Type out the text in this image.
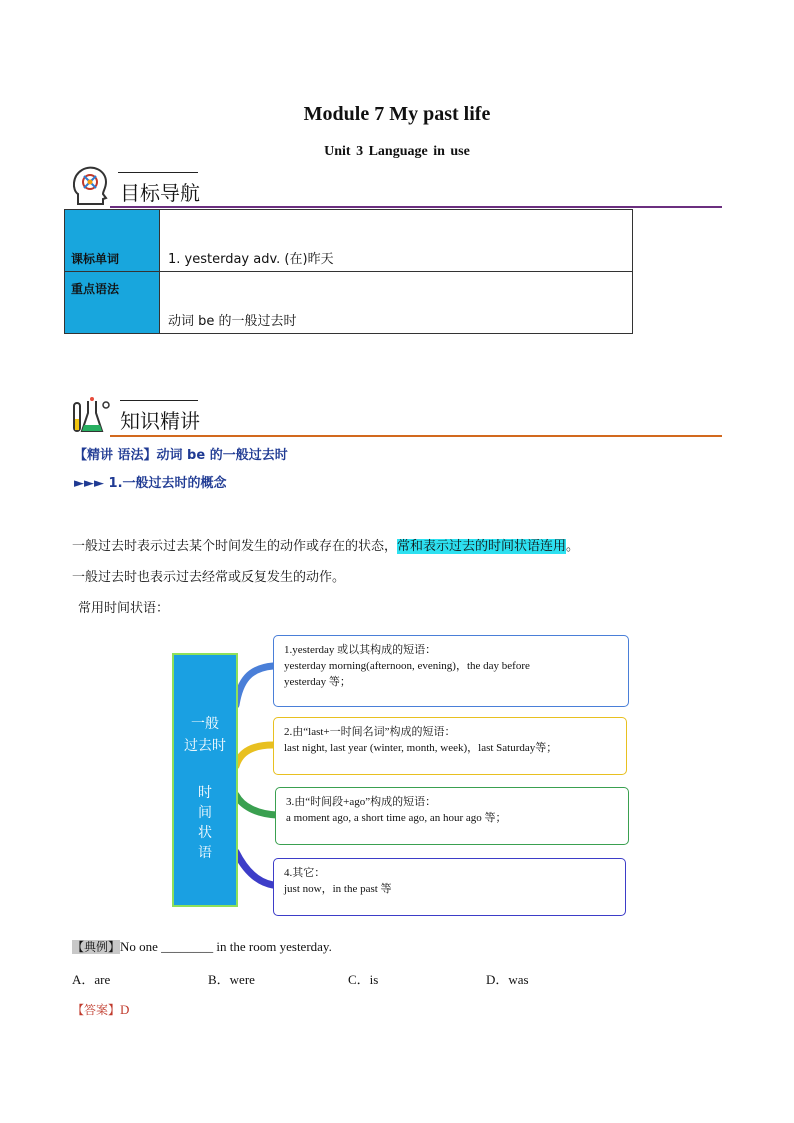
Module 7 My past life
Unit 3 Language in use
目标导航
课标单词	1. yesterday adv. (在)昨天
重点语法	动词 be 的一般过去时
知识精讲
【精讲 语法】动词 be 的一般过去时
►►► 1.一般过去时的概念
一般过去时表示过去某个时间发生的动作或存在的状态，常和表示过去的时间状语连用。
一般过去时也表示过去经常或反复发生的动作。
常用时间状语：
一般
过去时
时
间
状
语
1.yesterday 或以其构成的短语：
yesterday morning(afternoon, evening)，the day before
yesterday 等；
2.由“last+一时间名词”构成的短语：
last night, last year (winter, month, week)，last Saturday等；
3.由“时间段+ago”构成的短语：
a moment ago, a short time ago, an hour ago 等；
4.其它：
just now，in the past 等
【典例】No one ________ in the room yesterday.
A．are	B．were	C．is	D．was
【答案】D
